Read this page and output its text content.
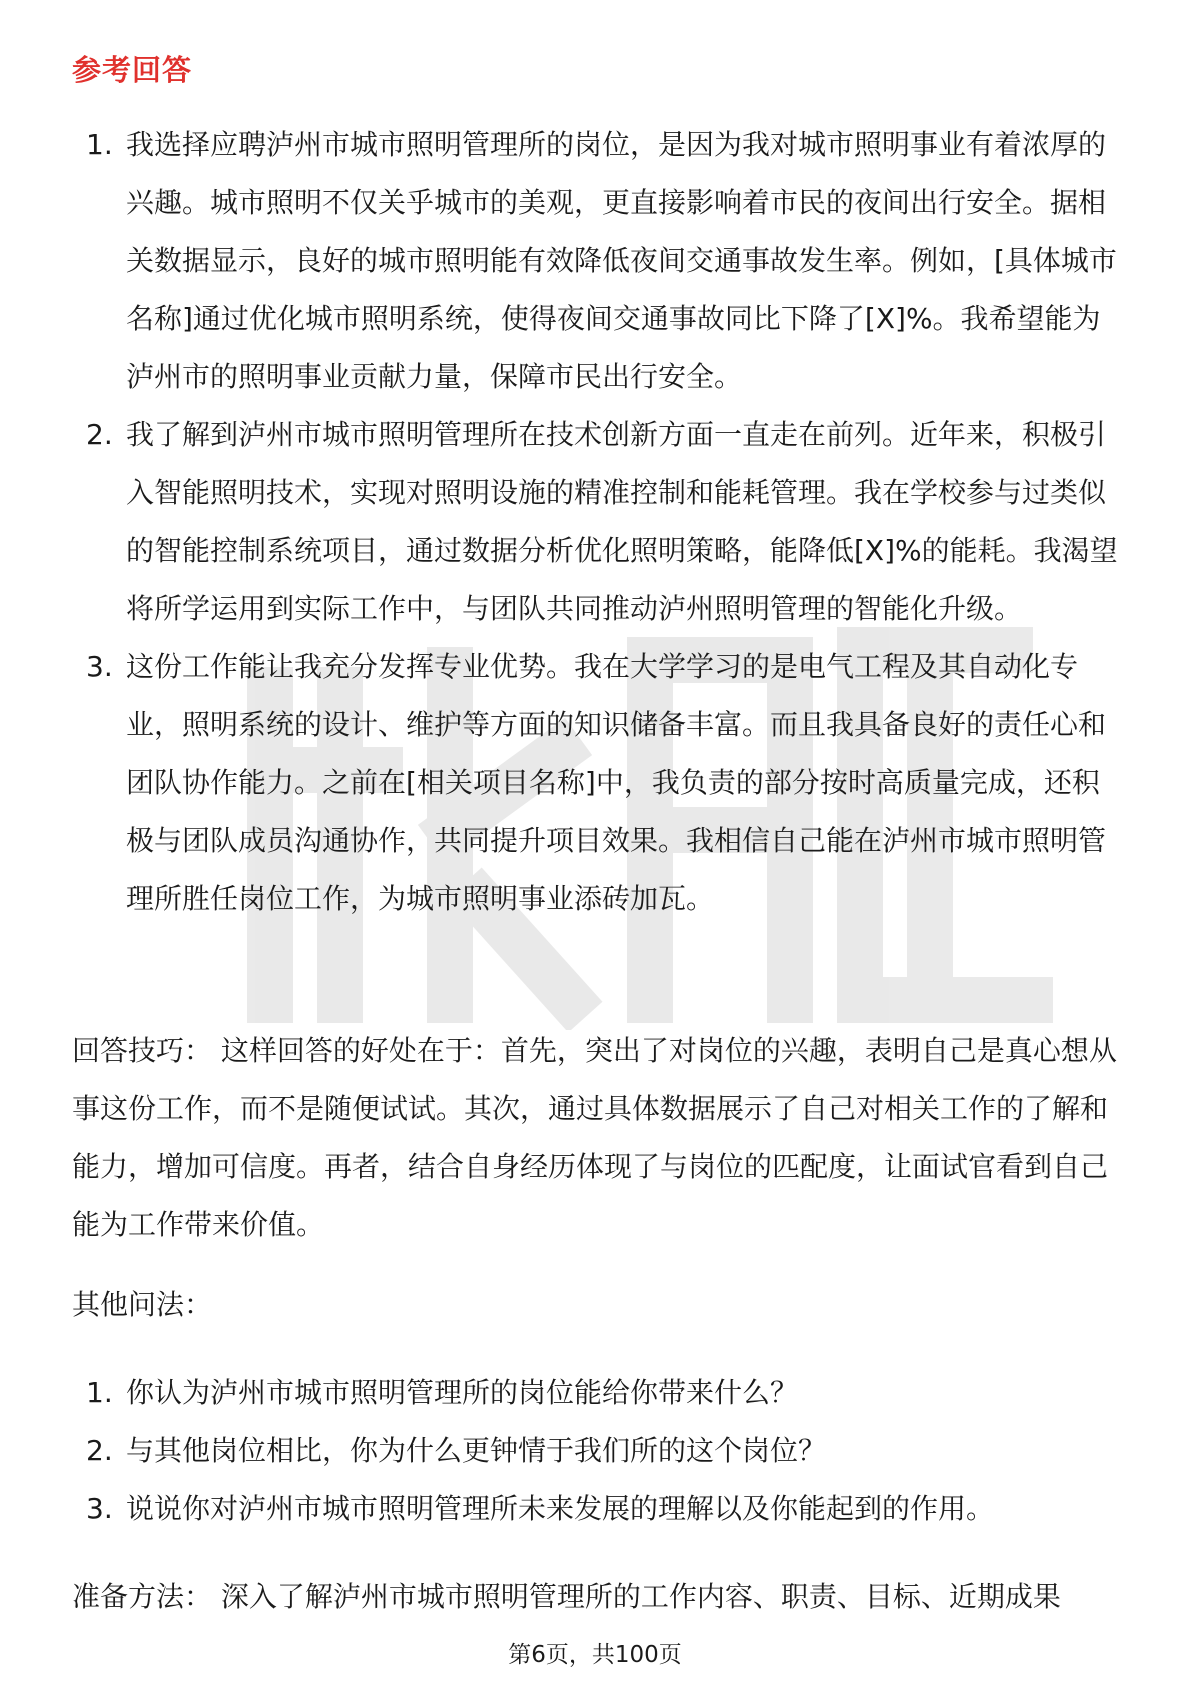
参考回答
1. 我选择应聘泸州市城市照明管理所的岗位，是因为我对城市照明事业有着浓厚的兴趣。城市照明不仅关乎城市的美观，更直接影响着市民的夜间出行安全。据相关数据显示，良好的城市照明能有效降低夜间交通事故发生率。例如，[具体城市名称]通过优化城市照明系统，使得夜间交通事故同比下降了[X]%。我希望能为泸州市的照明事业贡献力量，保障市民出行安全。
2. 我了解到泸州市城市照明管理所在技术创新方面一直走在前列。近年来，积极引入智能照明技术，实现对照明设施的精准控制和能耗管理。我在学校参与过类似的智能控制系统项目，通过数据分析优化照明策略，能降低[X]%的能耗。我渴望将所学运用到实际工作中，与团队共同推动泸州照明管理的智能化升级。
3. 这份工作能让我充分发挥专业优势。我在大学学习的是电气工程及其自动化专业，照明系统的设计、维护等方面的知识储备丰富。而且我具备良好的责任心和团队协作能力。之前在[相关项目名称]中，我负责的部分按时高质量完成，还积极与团队成员沟通协作，共同提升项目效果。我相信自己能在泸州市城市照明管理所胜任岗位工作，为城市照明事业添砖加瓦。
回答技巧： 这样回答的好处在于：首先，突出了对岗位的兴趣，表明自己是真心想从事这份工作，而不是随便试试。其次，通过具体数据展示了自己对相关工作的了解和能力，增加可信度。再者，结合自身经历体现了与岗位的匹配度，让面试官看到自己能为工作带来价值。
其他问法：
1. 你认为泸州市城市照明管理所的岗位能给你带来什么？
2. 与其他岗位相比，你为什么更钟情于我们所的这个岗位？
3. 说说你对泸州市城市照明管理所未来发展的理解以及你能起到的作用。
准备方法： 深入了解泸州市城市照明管理所的工作内容、职责、目标、近期成果
第6页，共100页
